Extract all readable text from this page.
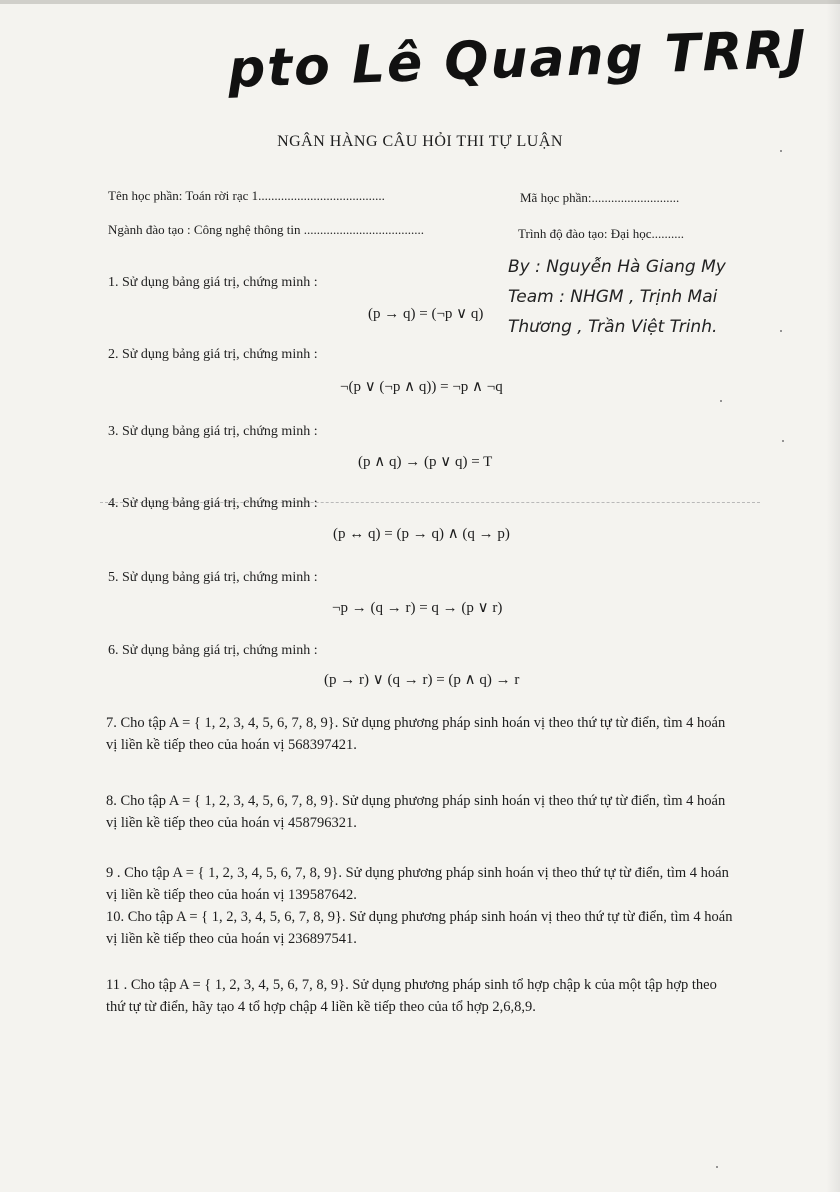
pto Lê Quang TRRJ
NGÂN HÀNG CÂU HỎI THI TỰ LUẬN
Tên học phần: Toán rời rạc 1.......................................	Mã học phần:...........................
Ngành đào tạo : Công nghệ thông tin .....................................	Trình độ đào tạo: Đại học..........
By : Nguyễn Hà Giang My
Team : NHGM , Trịnh Mai
Thương , Trần Việt Trinh.
1. Sử dụng bảng giá trị, chứng minh :
(p → q) = (¬p ∨ q)
2. Sử dụng bảng giá trị, chứng minh :
¬(p ∨ (¬p ∧ q)) = ¬p ∧ ¬q
3. Sử dụng bảng giá trị, chứng minh :
(p ∧ q) → (p ∨ q) = T
4. Sử dụng bảng giá trị, chứng minh :
(p ↔ q) = (p → q) ∧ (q → p)
5. Sử dụng bảng giá trị, chứng minh :
¬p → (q → r) = q → (p ∨ r)
6. Sử dụng bảng giá trị, chứng minh :
(p → r) ∨ (q → r) = (p ∧ q) → r
7. Cho tập A = { 1, 2, 3, 4, 5, 6, 7, 8, 9}. Sử dụng phương pháp sinh hoán vị theo thứ tự từ điển, tìm 4 hoán vị liền kề tiếp theo của hoán vị 568397421.
8. Cho tập A = { 1, 2, 3, 4, 5, 6, 7, 8, 9}. Sử dụng phương pháp sinh hoán vị theo thứ tự từ điển, tìm 4 hoán vị liền kề tiếp theo của hoán vị 458796321.
9 . Cho tập A = { 1, 2, 3, 4, 5, 6, 7, 8, 9}. Sử dụng phương pháp sinh hoán vị theo thứ tự từ điển, tìm 4 hoán vị liền kề tiếp theo của hoán vị 139587642.
10. Cho tập A = { 1, 2, 3, 4, 5, 6, 7, 8, 9}. Sử dụng phương pháp sinh hoán vị theo thứ tự từ điển, tìm 4 hoán vị liền kề tiếp theo của hoán vị 236897541.
11 . Cho tập A = { 1, 2, 3, 4, 5, 6, 7, 8, 9}. Sử dụng phương pháp sinh tổ hợp chập k của một tập hợp theo thứ tự từ điển, hãy tạo 4 tổ hợp chập 4 liền kề tiếp theo của tổ hợp 2,6,8,9.
